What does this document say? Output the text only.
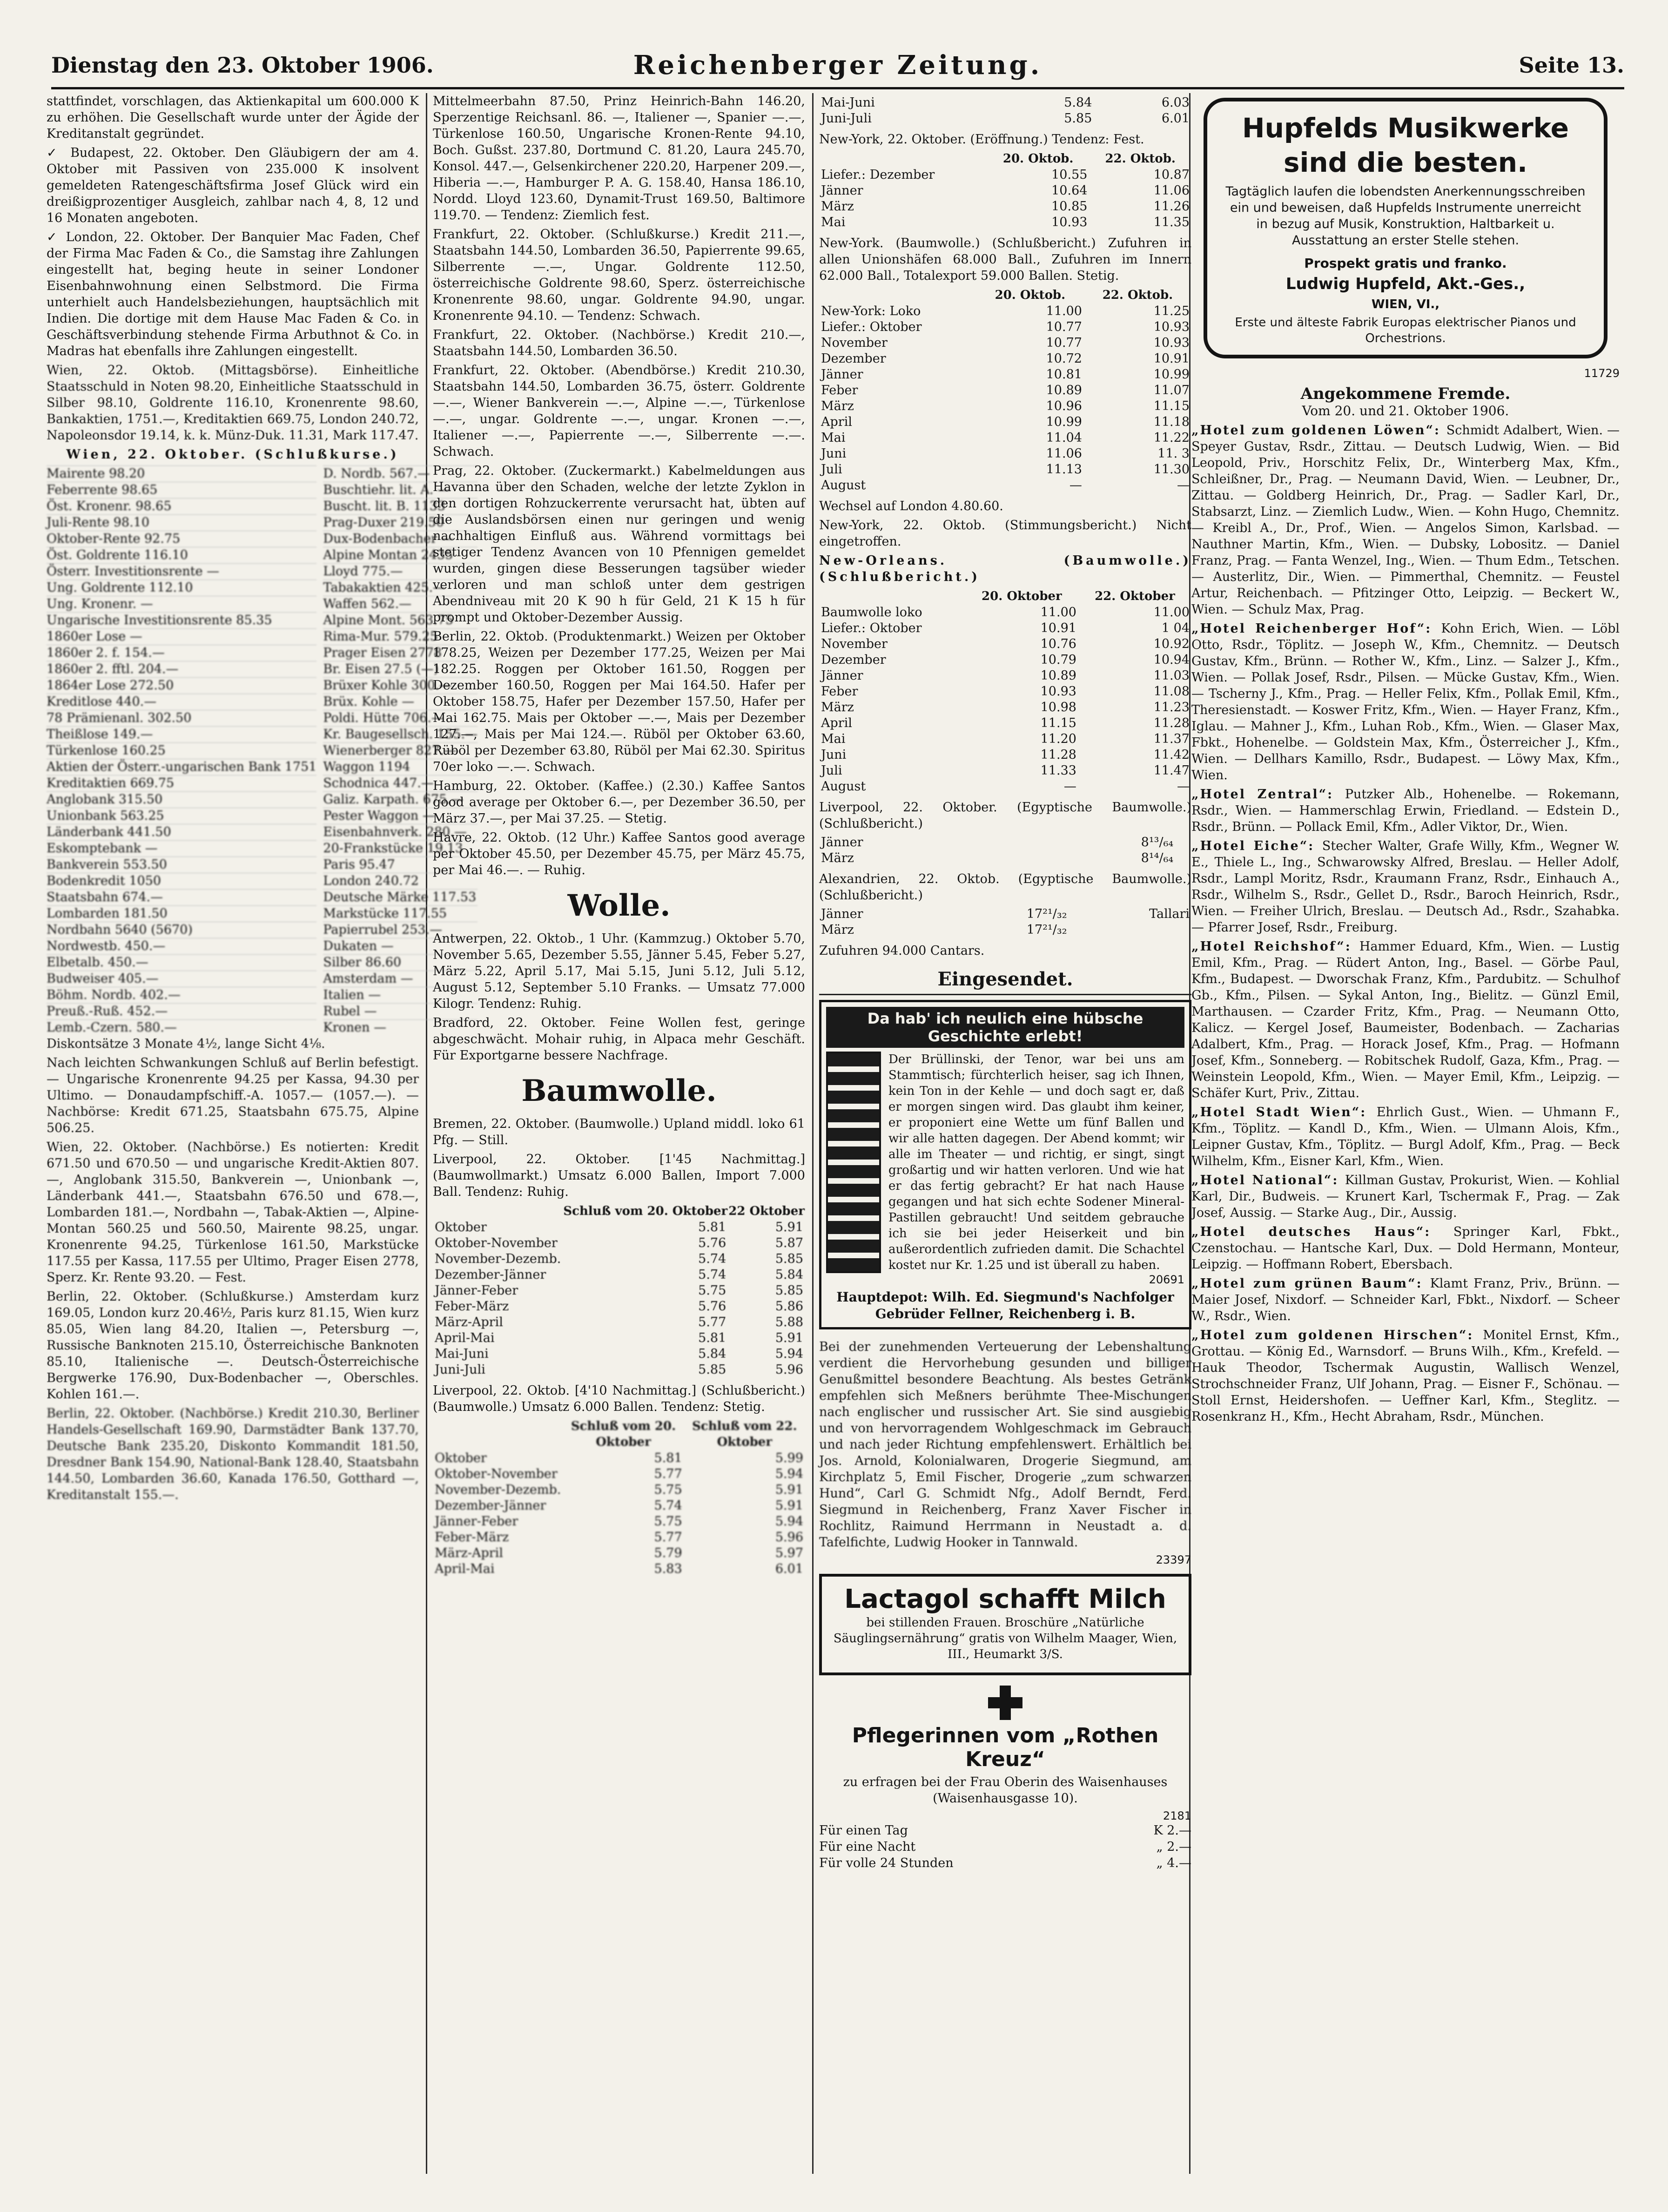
Dienstag den 23. Oktober 1906.	Reichenberger Zeitung.	Seite 13.

stattfindet, vorschlagen, das Aktienkapital um 600.000 K zu erhöhen. Die Gesellschaft wurde unter der Ägide der Kreditanstalt gegründet.

✓ Budapest, 22. Oktober. Den Gläubigern der am 4. Oktober mit Passiven von 235.000 K insolvent gemeldeten Ratengeschäftsfirma Josef Glück wird ein dreißigprozentiger Ausgleich, zahlbar nach 4, 8, 12 und 16 Monaten angeboten.

✓ London, 22. Oktober. Der Banquier Mac Faden, Chef der Firma Mac Faden & Co., die Samstag ihre Zahlungen eingestellt hat, beging heute in seiner Londoner Eisenbahnwohnung einen Selbstmord. Die Firma unterhielt auch Handelsbeziehungen, hauptsächlich mit Indien. Die dortige mit dem Hause Mac Faden & Co. in Geschäftsverbindung stehende Firma Arbuthnot & Co. in Madras hat ebenfalls ihre Zahlungen eingestellt.

Wien, 22. Oktob. (Mittagsbörse). Einheitliche Staatsschuld in Noten 98.20, Einheitliche Staatsschuld in Silber 98.10, Goldrente 116.10, Kronenrente 98.60, Bankaktien, 1751.—, Kreditaktien 669.75, London 240.72, Napoleonsdor 19.14, k. k. Münz-Duk. 11.31, Mark 117.47.

Wien, 22. Oktober. (Schlußkurse.)

Mairente 98.20	D. Nordb. 567.—
Feberrente 98.65	Buschtiehr. lit. A. —
Öst. Kronenr. 98.65	Buscht. lit. B. 1133
Juli-Rente 98.10	Prag-Duxer 219.50
Oktober-Rente 92.75	Dux-Bodenbacher —
Öst. Goldrente 116.10	Alpine Montan 2435
Österr. Investitionsrente —	Lloyd 775.—
Ung. Goldrente 112.10	Tabakaktien 425.—
Ung. Kronenr. —	Waffen 562.—
Ungarische Investitionsrente 85.35	Alpine Mont. 563.75
1860er Lose —	Rima-Mur. 579.25
1860er 2. f. 154.—	Prager Eisen 2778
1860er 2. fftl. 204.—	Br. Eisen 27.5 (—)
1864er Lose 272.50	Brüxer Kohle 300.—
Kreditlose 440.—	Brüx. Kohle —
78 Prämienanl. 302.50	Poldi. Hütte 706.—
Theißlose 149.—	Kr. Baugesellsch. 155.—
Türkenlose 160.25	Wienerberger 827.—
Aktien der Österr.-ungarischen Bank 1751 Waggon 1194
Kreditaktien 669.75	Schodnica 447.—
Anglobank 315.50	Galiz. Karpath. 675.—
Unionbank 563.25	Pester Waggon —
Länderbank 441.50	Eisenbahnverk. 280.—
Eskomptebank —	20-Frankstücke 19.13
Bankverein 553.50	Paris 95.47
Bodenkredit 1050	London 240.72
Staatsbahn 674.—	Deutsche Märke 117.53
Lombarden 181.50	Markstücke 117.55
Nordbahn 5640 (5670)	Papierrubel 253.—
Nordwestb. 450.—	Dukaten —
Elbetalb. 450.—	Silber 86.60
Budweiser 405.—	Amsterdam —
Böhm. Nordb. 402.—	Italien —
Preuß.-Ruß. 452.—	Rubel —
Lemb.-Czern. 580.—	Kronen —

Diskontsätze 3 Monate 4½, lange Sicht 4⅛.

Nach leichten Schwankungen Schluß auf Berlin befestigt. — Ungarische Kronenrente 94.25 per Kassa, 94.30 per Ultimo. — Donaudampfschiff.-A. 1057.— (1057.—). — Nachbörse: Kredit 671.25, Staatsbahn 675.75, Alpine 506.25.

Wien, 22. Oktober. (Nachbörse.) Es notierten: Kredit 671.50 und 670.50 — und ungarische Kredit-Aktien 807.—, Anglobank 315.50, Bankverein —, Unionbank —, Länderbank 441.—, Staatsbahn 676.50 und 678.—, Lombarden 181.—, Nordbahn —, Tabak-Aktien —, Alpine-Montan 560.25 und 560.50, Mairente 98.25, ungar. Kronenrente 94.25, Türkenlose 161.50, Markstücke 117.55 per Kassa, 117.55 per Ultimo, Prager Eisen 2778, Sperz. Kr. Rente 93.20. — Fest.

Berlin, 22. Oktober. (Schlußkurse.) Amsterdam kurz 169.05, London kurz 20.46½, Paris kurz 81.15, Wien kurz 85.05, Wien lang 84.20, Italien —, Petersburg —, Russische Banknoten 215.10, Österreichische Banknoten 85.10, Italienische —. Deutsch-Österreichische Bergwerke 176.90, Dux-Bodenbacher —, Oberschles. Kohlen 161.—.

Berlin, 22. Oktober. (Nachbörse.) Kredit 210.30, Berliner Handels-Gesellschaft 169.90, Darmstädter Bank 137.70, Deutsche Bank 235.20, Diskonto Kommandit 181.50, Dresdner Bank 154.90, National-Bank 128.40, Staatsbahn 144.50, Lombarden 36.60, Kanada 176.50, Gotthard —, Kreditanstalt 155.—.

Mittelmeerbahn 87.50, Prinz Heinrich-Bahn 146.20, Sperzentige Reichsanl. 86. —, Italiener —, Spanier —.—, Türkenlose 160.50, Ungarische Kronen-Rente 94.10, Boch. Gußst. 237.80, Dortmund C. 81.20, Laura 245.70, Konsol. 447.—, Gelsenkirchener 220.20, Harpener 209.—, Hiberia —.—, Hamburger P. A. G. 158.40, Hansa 186.10, Nordd. Lloyd 123.60, Dynamit-Trust 169.50, Baltimore 119.70. — Tendenz: Ziemlich fest.

Frankfurt, 22. Oktober. (Schlußkurse.) Kredit 211.—, Staatsbahn 144.50, Lombarden 36.50, Papierrente 99.65, Silberrente —.—, Ungar. Goldrente 112.50, österreichische Goldrente 98.60, Sperz. österreichische Kronenrente 98.60, ungar. Goldrente 94.90, ungar. Kronenrente 94.10. — Tendenz: Schwach.

Frankfurt, 22. Oktober. (Nachbörse.) Kredit 210.—, Staatsbahn 144.50, Lombarden 36.50.

Frankfurt, 22. Oktober. (Abendbörse.) Kredit 210.30, Staatsbahn 144.50, Lombarden 36.75, österr. Goldrente —.—, Wiener Bankverein —.—, Alpine —.—, Türkenlose —.—, ungar. Goldrente —.—, ungar. Kronen —.—, Italiener —.—, Papierrente —.—, Silberrente —.—. Schwach.

Prag, 22. Oktober. (Zuckermarkt.) Kabelmeldungen aus Havanna über den Schaden, welche der letzte Zyklon in den dortigen Rohzuckerrente verursacht hat, übten auf die Auslandsbörsen einen nur geringen und wenig nachhaltigen Einfluß aus. Während vormittags bei stetiger Tendenz Avancen von 10 Pfennigen gemeldet wurden, gingen diese Besserungen tagsüber wieder verloren und man schloß unter dem gestrigen Abendniveau mit 20 K 90 h für Geld, 21 K 15 h für prompt und Oktober-Dezember Aussig.

Berlin, 22. Oktob. (Produktenmarkt.) Weizen per Oktober 178.25, Weizen per Dezember 177.25, Weizen per Mai 182.25. Roggen per Oktober 161.50, Roggen per Dezember 160.50, Roggen per Mai 164.50. Hafer per Oktober 158.75, Hafer per Dezember 157.50, Hafer per Mai 162.75. Mais per Oktober —.—, Mais per Dezember 127.—, Mais per Mai 124.—. Rüböl per Oktober 63.60, Rüböl per Dezember 63.80, Rüböl per Mai 62.30. Spiritus 70er loko —.—. Schwach.

Hamburg, 22. Oktober. (Kaffee.) (2.30.) Kaffee Santos good average per Oktober 6.—, per Dezember 36.50, per März 37.—, per Mai 37.25. — Stetig.

Havre, 22. Oktob. (12 Uhr.) Kaffee Santos good average per Oktober 45.50, per Dezember 45.75, per März 45.75, per Mai 46.—. — Ruhig.

Wolle.

Antwerpen, 22. Oktob., 1 Uhr. (Kammzug.) Oktober 5.70, November 5.65, Dezember 5.55, Jänner 5.45, Feber 5.27, März 5.22, April 5.17, Mai 5.15, Juni 5.12, Juli 5.12, August 5.12, September 5.10 Franks. — Umsatz 77.000 Kilogr. Tendenz: Ruhig.

Bradford, 22. Oktober. Feine Wollen fest, geringe abgeschwächt. Mohair ruhig, in Alpaca mehr Geschäft. Für Exportgarne bessere Nachfrage.

Baumwolle.

Bremen, 22. Oktober. (Baumwolle.) Upland middl. loko 61 Pfg. — Still.

Liverpool, 22. Oktober. [1'45 Nachmittag.] (Baumwollmarkt.) Umsatz 6.000 Ballen, Import 7.000 Ball. Tendenz: Ruhig.

	Schluß vom 20. Oktober	22 Oktober
Oktober	5.81	5.91
Oktober-November	5.76	5.87
November-Dezemb.	5.74	5.85
Dezember-Jänner	5.74	5.84
Jänner-Feber	5.75	5.85
Feber-März	5.76	5.86
März-April	5.77	5.88
April-Mai	5.81	5.91
Mai-Juni	5.84	5.94
Juni-Juli	5.85	5.96

Liverpool, 22. Oktob. [4'10 Nachmittag.] (Schlußbericht.) (Baumwolle.) Umsatz 6.000 Ballen. Tendenz: Stetig.

	Schluß vom 20. Oktober	Schluß vom 22. Oktober
Oktober	5.81	5.99
Oktober-November	5.77	5.94
November-Dezemb.	5.75	5.91
Dezember-Jänner	5.74	5.91
Jänner-Feber	5.75	5.94
Feber-März	5.77	5.96
März-April	5.79	5.97
April-Mai	5.83	6.01
Mai-Juni	5.84	6.03
Juni-Juli	5.85	6.01

New-York, 22. Oktober. (Eröffnung.) Tendenz: Fest.

	20. Oktob.	22. Oktob.
Liefer.: Dezember	10.55	10.87
Jänner	10.64	11.06
März	10.85	11.26
Mai	10.93	11.35

New-York. (Baumwolle.) (Schlußbericht.) Zufuhren in allen Unionshäfen 68.000 Ball., Zufuhren im Innern 62.000 Ball., Totalexport 59.000 Ballen. Stetig.

	20. Oktob.	22. Oktob.
New-York: Loko	11.00	11.25
Liefer.: Oktober	10.77	10.93
November	10.77	10.93
Dezember	10.72	10.91
Jänner	10.81	10.99
Feber	10.89	11.07
März	10.96	11.15
April	10.99	11.18
Mai	11.04	11.22
Juni	11.06	11. 3
Juli	11.13	11.30
August	—	—

Wechsel auf London 4.80.60.

New-York, 22. Oktob. (Stimmungsbericht.) Nicht eingetroffen.

New-Orleans. (Baumwolle.) (Schlußbericht.)

	20. Oktober	22. Oktober
Baumwolle loko	11.00	11.00
Liefer.: Oktober	10.91	1 04
November	10.76	10.92
Dezember	10.79	10.94
Jänner	10.89	11.03
Feber	10.93	11.08
März	10.98	11.23
April	11.15	11.28
Mai	11.20	11.37
Juni	11.28	11.42
Juli	11.33	11.47
August	—	—

Liverpool, 22. Oktober. (Egyptische Baumwolle.) (Schlußbericht.)

Jänner	8¹³/₆₄	
März	8¹⁴/₆₄	

Alexandrien, 22. Oktob. (Egyptische Baumwolle.) (Schlußbericht.)

Jänner	17²¹/₃₂	Tallari
März	17²¹/₃₂	

Zufuhren 94.000 Cantars.

Eingesendet.
Da hab' ich neulich eine hübsche Geschichte erlebt!

Der Brüllinski, der Tenor, war bei uns am Stammtisch; fürchterlich heiser, sag ich Ihnen, kein Ton in der Kehle — und doch sagt er, daß er morgen singen wird. Das glaubt ihm keiner, er proponiert eine Wette um fünf Ballen und wir alle hatten dagegen. Der Abend kommt; wir alle im Theater — und richtig, er singt, singt großartig und wir hatten verloren. Und wie hat er das fertig gebracht? Er hat nach Hause gegangen und hat sich echte Sodener Mineral-Pastillen gebraucht! Und seitdem gebrauche ich sie bei jeder Heiserkeit und bin außerordentlich zufrieden damit. Die Schachtel kostet nur Kr. 1.25 und ist überall zu haben.

20691
Hauptdepot: Wilh. Ed. Siegmund's Nachfolger Gebrüder Fellner, Reichenberg i. B.

Bei der zunehmenden Verteuerung der Lebenshaltung verdient die Hervorhebung gesunden und billiger Genußmittel besondere Beachtung. Als bestes Getränk empfehlen sich Meßners berühmte Thee-Mischungen nach englischer und russischer Art. Sie sind ausgiebig und von hervorragendem Wohlgeschmack im Gebrauch und nach jeder Richtung empfehlenswert. Erhältlich bei Jos. Arnold, Kolonialwaren, Drogerie Siegmund, am Kirchplatz 5, Emil Fischer, Drogerie „zum schwarzen Hund“, Carl G. Schmidt Nfg., Adolf Berndt, Ferd. Siegmund in Reichenberg, Franz Xaver Fischer in Rochlitz, Raimund Herrmann in Neustadt a. d. Tafelfichte, Ludwig Hooker in Tannwald.

23397
Lactagol schafft Milch

bei stillenden Frauen. Broschüre „Natürliche Säuglingsernährung“ gratis von Wilhelm Maager, Wien, III., Heumarkt 3/S.

Pflegerinnen vom „Rothen Kreuz“

zu erfragen bei der Frau Oberin des Waisenhauses (Waisenhausgasse 10).

2181
Für einen Tag	K 2.—
Für eine Nacht	„ 2.—
Für volle 24 Stunden	„ 4.—
Hupfelds Musikwerke
sind die besten.

Tagtäglich laufen die lobendsten Anerkennungsschreiben ein und beweisen, daß Hupfelds Instrumente unerreicht in bezug auf Musik, Konstruktion, Haltbarkeit u. Ausstattung an erster Stelle stehen.

Prospekt gratis und franko.
Ludwig Hupfeld, Akt.-Ges.,
WIEN, VI.,
Erste und älteste Fabrik Europas elektrischer Pianos und Orchestrions.
11729
Angekommene Fremde.
Vom 20. und 21. Oktober 1906.

„Hotel zum goldenen Löwen“: Schmidt Adalbert, Wien. — Speyer Gustav, Rsdr., Zittau. — Deutsch Ludwig, Wien. — Bid Leopold, Priv., Horschitz Felix, Dr., Winterberg Max, Kfm., Schleißner, Dr., Prag. — Neumann David, Wien. — Leubner, Dr., Zittau. — Goldberg Heinrich, Dr., Prag. — Sadler Karl, Dr., Stabsarzt, Linz. — Ziemlich Ludw., Wien. — Kohn Hugo, Chemnitz. — Kreibl A., Dr., Prof., Wien. — Angelos Simon, Karlsbad. — Nauthner Martin, Kfm., Wien. — Dubsky, Lobositz. — Daniel Franz, Prag. — Fanta Wenzel, Ing., Wien. — Thum Edm., Tetschen. — Austerlitz, Dir., Wien. — Pimmerthal, Chemnitz. — Feustel Artur, Reichenbach. — Pfitzinger Otto, Leipzig. — Beckert W., Wien. — Schulz Max, Prag.

„Hotel Reichenberger Hof“: Kohn Erich, Wien. — Löbl Otto, Rsdr., Töplitz. — Joseph W., Kfm., Chemnitz. — Deutsch Gustav, Kfm., Brünn. — Rother W., Kfm., Linz. — Salzer J., Kfm., Wien. — Pollak Josef, Rsdr., Pilsen. — Mücke Gustav, Kfm., Wien. — Tscherny J., Kfm., Prag. — Heller Felix, Kfm., Pollak Emil, Kfm., Theresienstadt. — Koswer Fritz, Kfm., Wien. — Hayer Franz, Kfm., Iglau. — Mahner J., Kfm., Luhan Rob., Kfm., Wien. — Glaser Max, Fbkt., Hohenelbe. — Goldstein Max, Kfm., Österreicher J., Kfm., Wien. — Dellhars Kamillo, Rsdr., Budapest. — Löwy Max, Kfm., Wien.

„Hotel Zentral“: Putzker Alb., Hohenelbe. — Rokemann, Rsdr., Wien. — Hammerschlag Erwin, Friedland. — Edstein D., Rsdr., Brünn. — Pollack Emil, Kfm., Adler Viktor, Dr., Wien.

„Hotel Eiche“: Stecher Walter, Grafe Willy, Kfm., Wegner W. E., Thiele L., Ing., Schwarowsky Alfred, Breslau. — Heller Adolf, Rsdr., Lampl Moritz, Rsdr., Kraumann Franz, Rsdr., Einhauch A., Rsdr., Wilhelm S., Rsdr., Gellet D., Rsdr., Baroch Heinrich, Rsdr., Wien. — Freiher Ulrich, Breslau. — Deutsch Ad., Rsdr., Szahabka. — Pfarrer Josef, Rsdr., Freiburg.

„Hotel Reichshof“: Hammer Eduard, Kfm., Wien. — Lustig Emil, Kfm., Prag. — Rüdert Anton, Ing., Basel. — Görbe Paul, Kfm., Budapest. — Dworschak Franz, Kfm., Pardubitz. — Schulhof Gb., Kfm., Pilsen. — Sykal Anton, Ing., Bielitz. — Günzl Emil, Marthausen. — Czarder Fritz, Kfm., Prag. — Neumann Otto, Kalicz. — Kergel Josef, Baumeister, Bodenbach. — Zacharias Adalbert, Kfm., Prag. — Horack Josef, Kfm., Prag. — Hofmann Josef, Kfm., Sonneberg. — Robitschek Rudolf, Gaza, Kfm., Prag. — Weinstein Leopold, Kfm., Wien. — Mayer Emil, Kfm., Leipzig. — Schäfer Kurt, Priv., Zittau.

„Hotel Stadt Wien“: Ehrlich Gust., Wien. — Uhmann F., Kfm., Töplitz. — Kandl D., Kfm., Wien. — Ulmann Alois, Kfm., Leipner Gustav, Kfm., Töplitz. — Burgl Adolf, Kfm., Prag. — Beck Wilhelm, Kfm., Eisner Karl, Kfm., Wien.

„Hotel National“: Killman Gustav, Prokurist, Wien. — Kohlial Karl, Dir., Budweis. — Krunert Karl, Tschermak F., Prag. — Zak Josef, Aussig. — Starke Aug., Dir., Aussig.

„Hotel deutsches Haus“: Springer Karl, Fbkt., Czenstochau. — Hantsche Karl, Dux. — Dold Hermann, Monteur, Leipzig. — Hoffmann Robert, Ebersbach.

„Hotel zum grünen Baum“: Klamt Franz, Priv., Brünn. — Maier Josef, Nixdorf. — Schneider Karl, Fbkt., Nixdorf. — Scheer W., Rsdr., Wien.

„Hotel zum goldenen Hirschen“: Monitel Ernst, Kfm., Grottau. — König Ed., Warnsdorf. — Bruns Wilh., Kfm., Krefeld. — Hauk Theodor, Tschermak Augustin, Wallisch Wenzel, Strochschneider Franz, Ulf Johann, Prag. — Eisner F., Schönau. — Stoll Ernst, Heidershofen. — Ueffner Karl, Kfm., Steglitz. — Rosenkranz H., Kfm., Hecht Abraham, Rsdr., München.
